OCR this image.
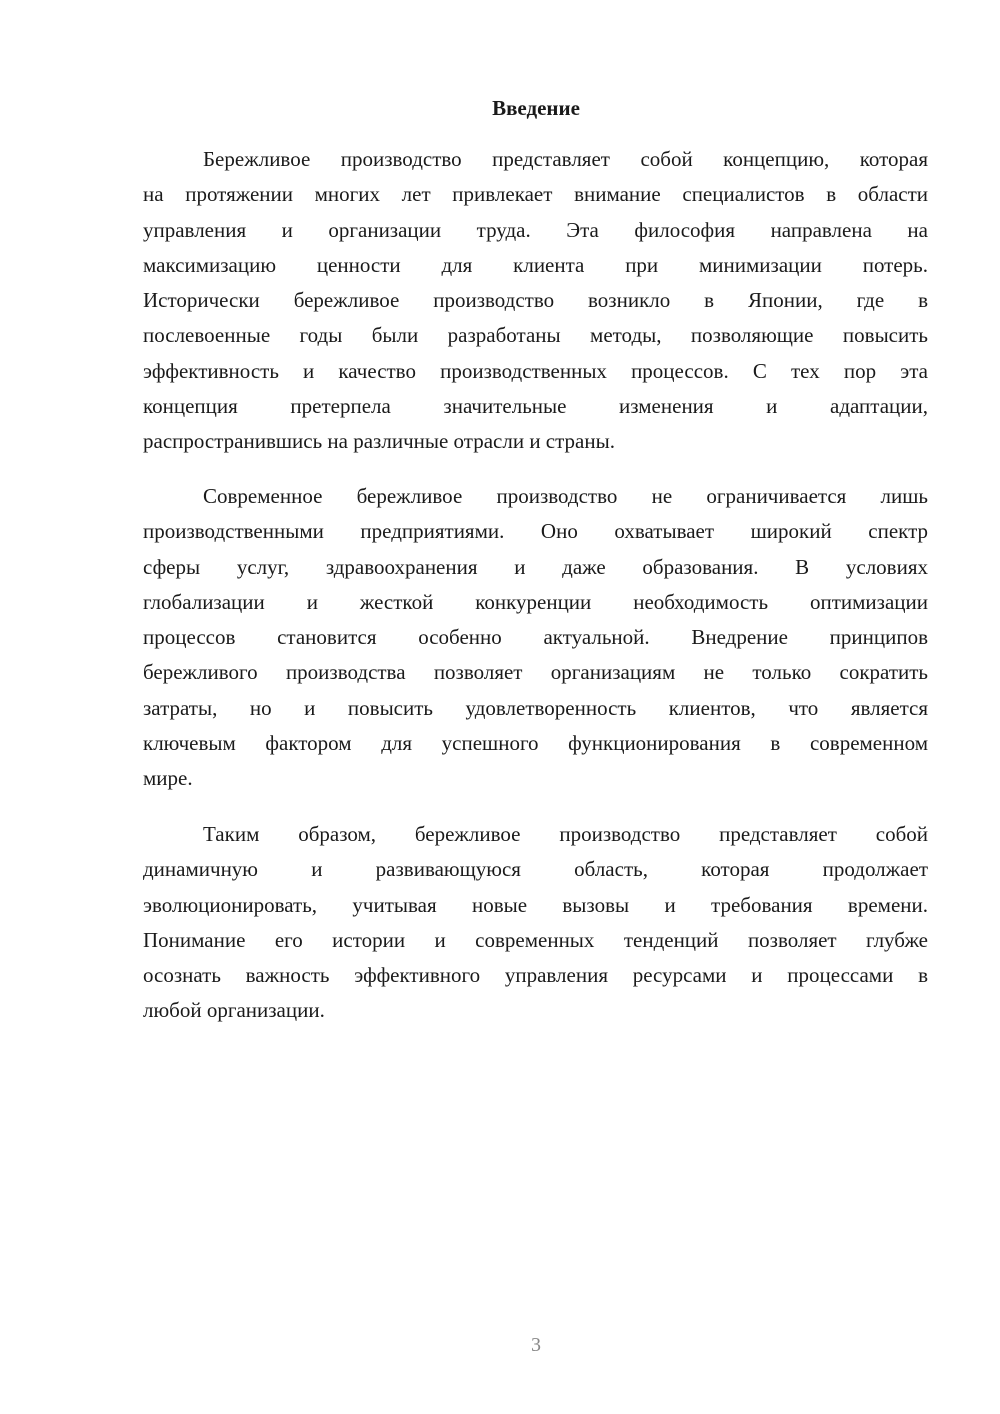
Введение
Бережливое производство представляет собой концепцию, которая
на протяжении многих лет привлекает внимание специалистов в области
управления и организации труда. Эта философия направлена на
максимизацию ценности для клиента при минимизации потерь.
Исторически бережливое производство возникло в Японии, где в
послевоенные годы были разработаны методы, позволяющие повысить
эффективность и качество производственных процессов. С тех пор эта
концепция претерпела значительные изменения и адаптации,
распространившись на различные отрасли и страны.
Современное бережливое производство не ограничивается лишь
производственными предприятиями. Оно охватывает широкий спектр
сферы услуг, здравоохранения и даже образования. В условиях
глобализации и жесткой конкуренции необходимость оптимизации
процессов становится особенно актуальной. Внедрение принципов
бережливого производства позволяет организациям не только сократить
затраты, но и повысить удовлетворенность клиентов, что является
ключевым фактором для успешного функционирования в современном
мире.
Таким образом, бережливое производство представляет собой
динамичную и развивающуюся область, которая продолжает
эволюционировать, учитывая новые вызовы и требования времени.
Понимание его истории и современных тенденций позволяет глубже
осознать важность эффективного управления ресурсами и процессами в
любой организации.
3
